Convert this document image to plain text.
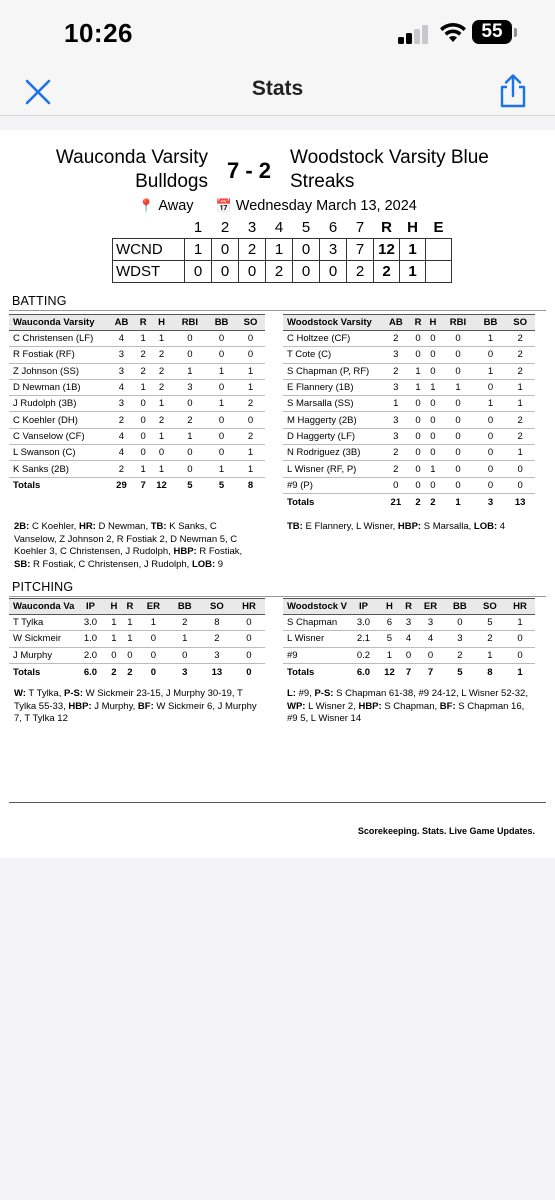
10:26	55
Stats
Wauconda Varsity Bulldogs 7 - 2
Woodstock Varsity Blue Streaks
📍 Away 📅 Wednesday March 13, 2024
	1	2	3	4	5	6	7	R	H	E
WCND	1	0	2	1	0	3	7	12	1	
WDST	0	0	0	2	0	0	2	2	1	
BATTING
Wauconda Varsity	AB	R	H	RBI	BB	SO
C Christensen (LF)	4	1	1	0	0	0
R Fostiak (RF)	3	2	2	0	0	0
Z Johnson (SS)	3	2	2	1	1	1
D Newman (1B)	4	1	2	3	0	1
J Rudolph (3B)	3	0	1	0	1	2
C Koehler (DH)	2	0	2	2	0	0
C Vanselow (CF)	4	0	1	1	0	2
L Swanson (C)	4	0	0	0	0	1
K Sanks (2B)	2	1	1	0	1	1
Totals	29	7	12	5	5	8
Woodstock Varsity	AB	R	H	RBI	BB	SO
C Holtzee (CF)	2	0	0	0	1	2
T Cote (C)	3	0	0	0	0	2
S Chapman (P, RF)	2	1	0	0	1	2
E Flannery (1B)	3	1	1	1	0	1
S Marsalla (SS)	1	0	0	0	1	1
M Haggerty (2B)	3	0	0	0	0	2
D Haggerty (LF)	3	0	0	0	0	2
N Rodriguez (3B)	2	0	0	0	0	1
L Wisner (RF, P)	2	0	1	0	0	0
#9 (P)	0	0	0	0	0	0
Totals	21	2	2	1	3	13
2B: C Koehler, HR: D Newman, TB: K Sanks, C Vanselow, Z Johnson 2, R Fostiak 2, D Newman 5, C Koehler 3, C Christensen, J Rudolph, HBP: R Fostiak, SB: R Fostiak, C Christensen, J Rudolph, LOB: 9
TB: E Flannery, L Wisner, HBP: S Marsalla, LOB: 4
PITCHING
Wauconda Va	IP	H	R	ER	BB	SO	HR
T Tylka	3.0	1	1	1	2	8	0
W Sickmeir	1.0	1	1	0	1	2	0
J Murphy	2.0	0	0	0	0	3	0
Totals	6.0	2	2	0	3	13	0
Woodstock V	IP	H	R	ER	BB	SO	HR
S Chapman	3.0	6	3	3	0	5	1
L Wisner	2.1	5	4	4	3	2	0
#9	0.2	1	0	0	2	1	0
Totals	6.0	12	7	7	5	8	1
W: T Tylka, P-S: W Sickmeir 23-15, J Murphy 30-19, T Tylka 55-33, HBP: J Murphy, BF: W Sickmeir 6, J Murphy 7, T Tylka 12
L: #9, P-S: S Chapman 61-38, #9 24-12, L Wisner 52-32, WP: L Wisner 2, HBP: S Chapman, BF: S Chapman 16, #9 5, L Wisner 14
Scorekeeping. Stats. Live Game Updates.
